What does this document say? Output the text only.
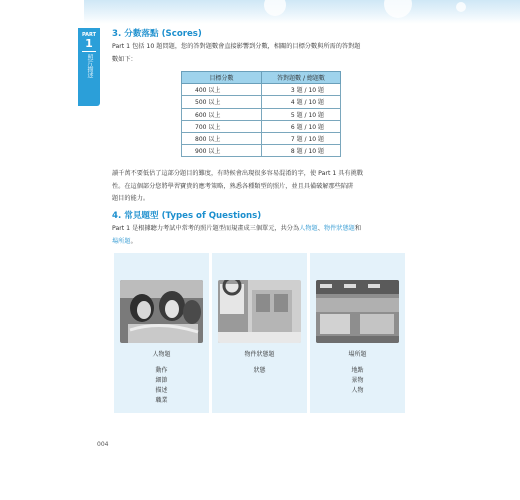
PART
1
照片描述
3. 分數落點 (Scores)
Part 1 包括 10 題問題，您的答對題數會直接影響到分數，相關的目標分數與所需的答對題
數如下：
目標分數	答對題數 / 總題數
400 以上	3 題 / 10 題
500 以上	4 題 / 10 題
600 以上	5 題 / 10 題
700 以上	6 題 / 10 題
800 以上	7 題 / 10 題
900 以上	8 題 / 10 題
讀千萬不要低估了這部分題目的難度，有時候會出現很多容易混淆的字，使 Part 1 具有挑戰
性。在這個部分您將學習寶貴的應考策略，熟悉各種類型的照片，並且具備破解那些陷阱
題目的能力。
4. 常見題型 (Types of Questions)
Part 1 是根據聽力考試中常考的照片題型而規畫成三個單元，共分為人物題、物件狀態題和
場所題。
人物題
動作
細節
描述
職業
物件狀態題
狀態
場所題
地點
景物
人物
004
